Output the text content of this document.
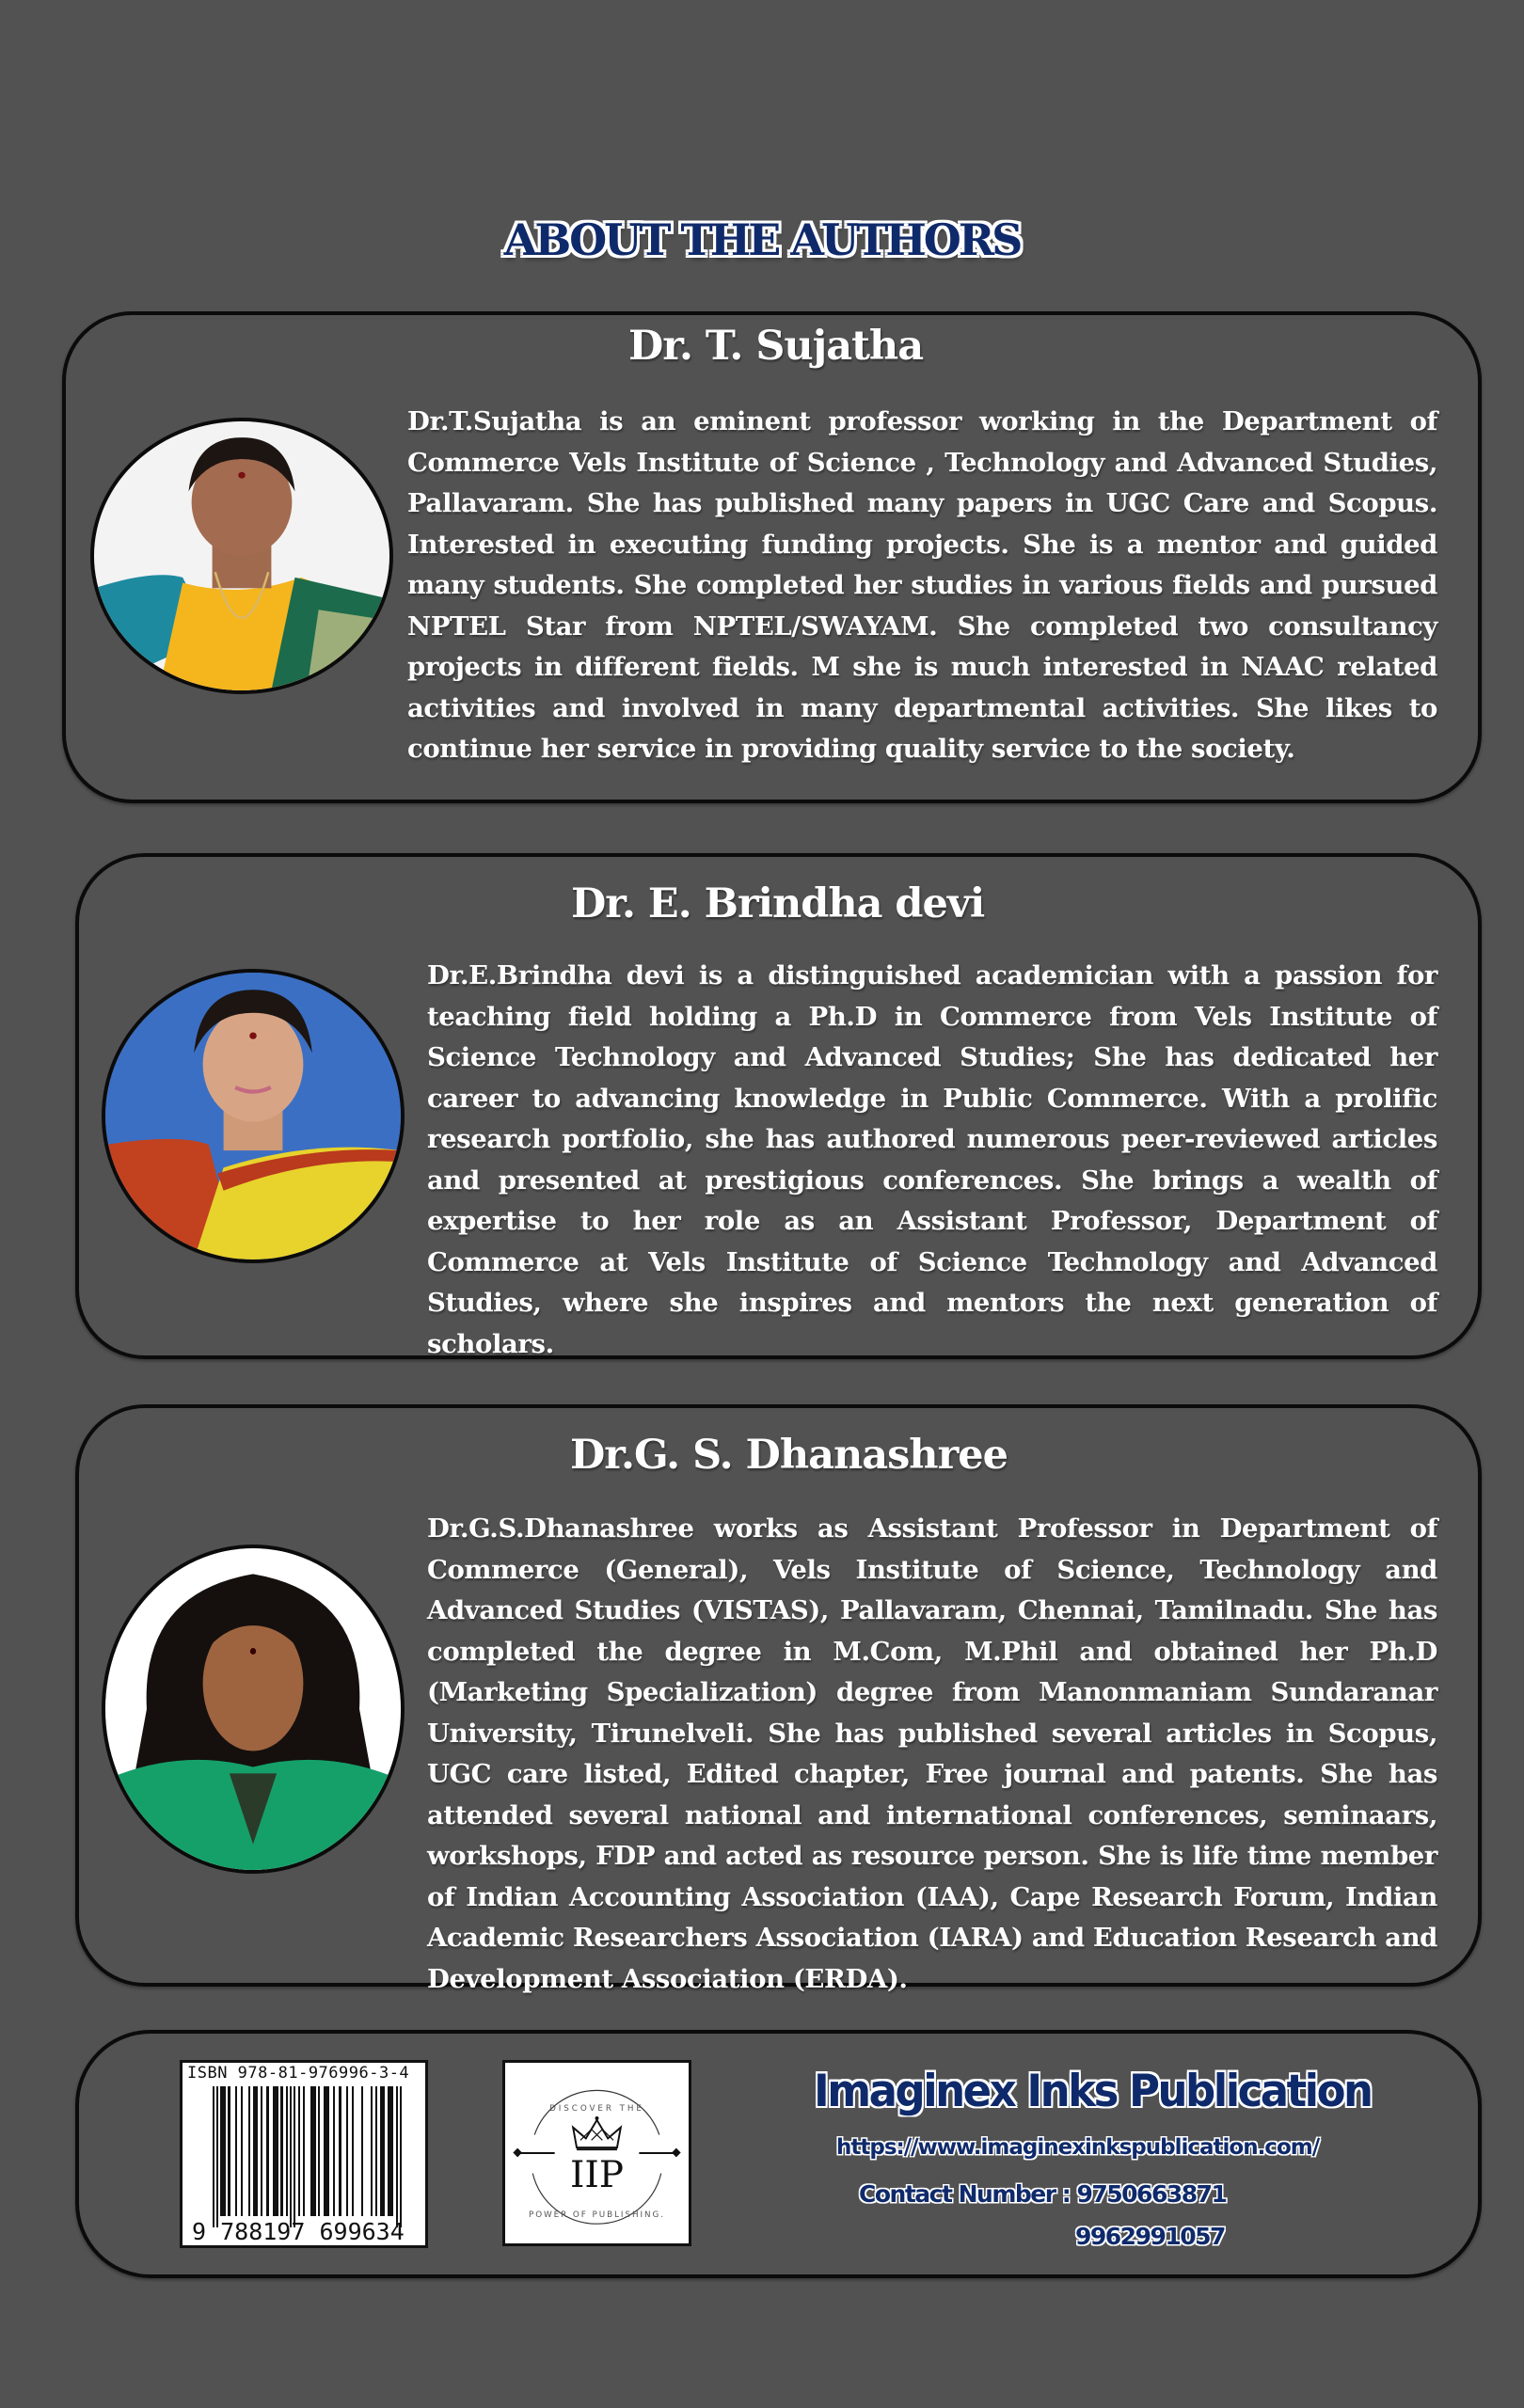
ABOUT THE AUTHORS
Dr. T. Sujatha

Dr.T.Sujatha is an eminent professor working in the Department of Commerce Vels Institute of Science , Technology and Advanced Studies, Pallavaram. She has published many papers in UGC Care and Scopus. Interested in executing funding projects. She is a mentor and guided many students. She completed her studies in various fields and pursued NPTEL Star from NPTEL/SWAYAM. She completed two consultancy projects in different fields. M she is much interested in NAAC related activities and involved in many departmental activities. She likes to continue her service in providing quality service to the society.

Dr. E. Brindha devi

Dr.E.Brindha devi is a distinguished academician with a passion for teaching field holding a Ph.D in Commerce from Vels Institute of Science Technology and Advanced Studies; She has dedicated her career to advancing knowledge in Public Commerce. With a prolific research portfolio, she has authored numerous peer-reviewed articles and presented at prestigious conferences. She brings a wealth of expertise to her role as an Assistant Professor, Department of Commerce at Vels Institute of Science Technology and Advanced Studies, where she inspires and mentors the next generation of scholars.

Dr.G. S. Dhanashree

Dr.G.S.Dhanashree works as Assistant Professor in Department of Commerce (General), Vels Institute of Science, Technology and Advanced Studies (VISTAS), Pallavaram, Chennai, Tamilnadu. She has completed the degree in M.Com, M.Phil and obtained her Ph.D (Marketing Specialization) degree from Manonmaniam Sundaranar University, Tirunelveli. She has published several articles in Scopus, UGC care listed, Edited chapter, Free journal and patents. She has attended several national and international conferences, seminaars, workshops, FDP and acted as resource person. She is life time member of Indian Accounting Association (IAA), Cape Research Forum, Indian Academic Researchers Association (IARA) and Education Research and Development Association (ERDA).

ISBN 978-81-976996-3-4
9 788197 699634
IIP
DISCOVER THE
POWER OF PUBLISHING.
Imaginex Inks Publication
https://www.imaginexinkspublication.com/
Contact Number : 9750663871
9962991057
